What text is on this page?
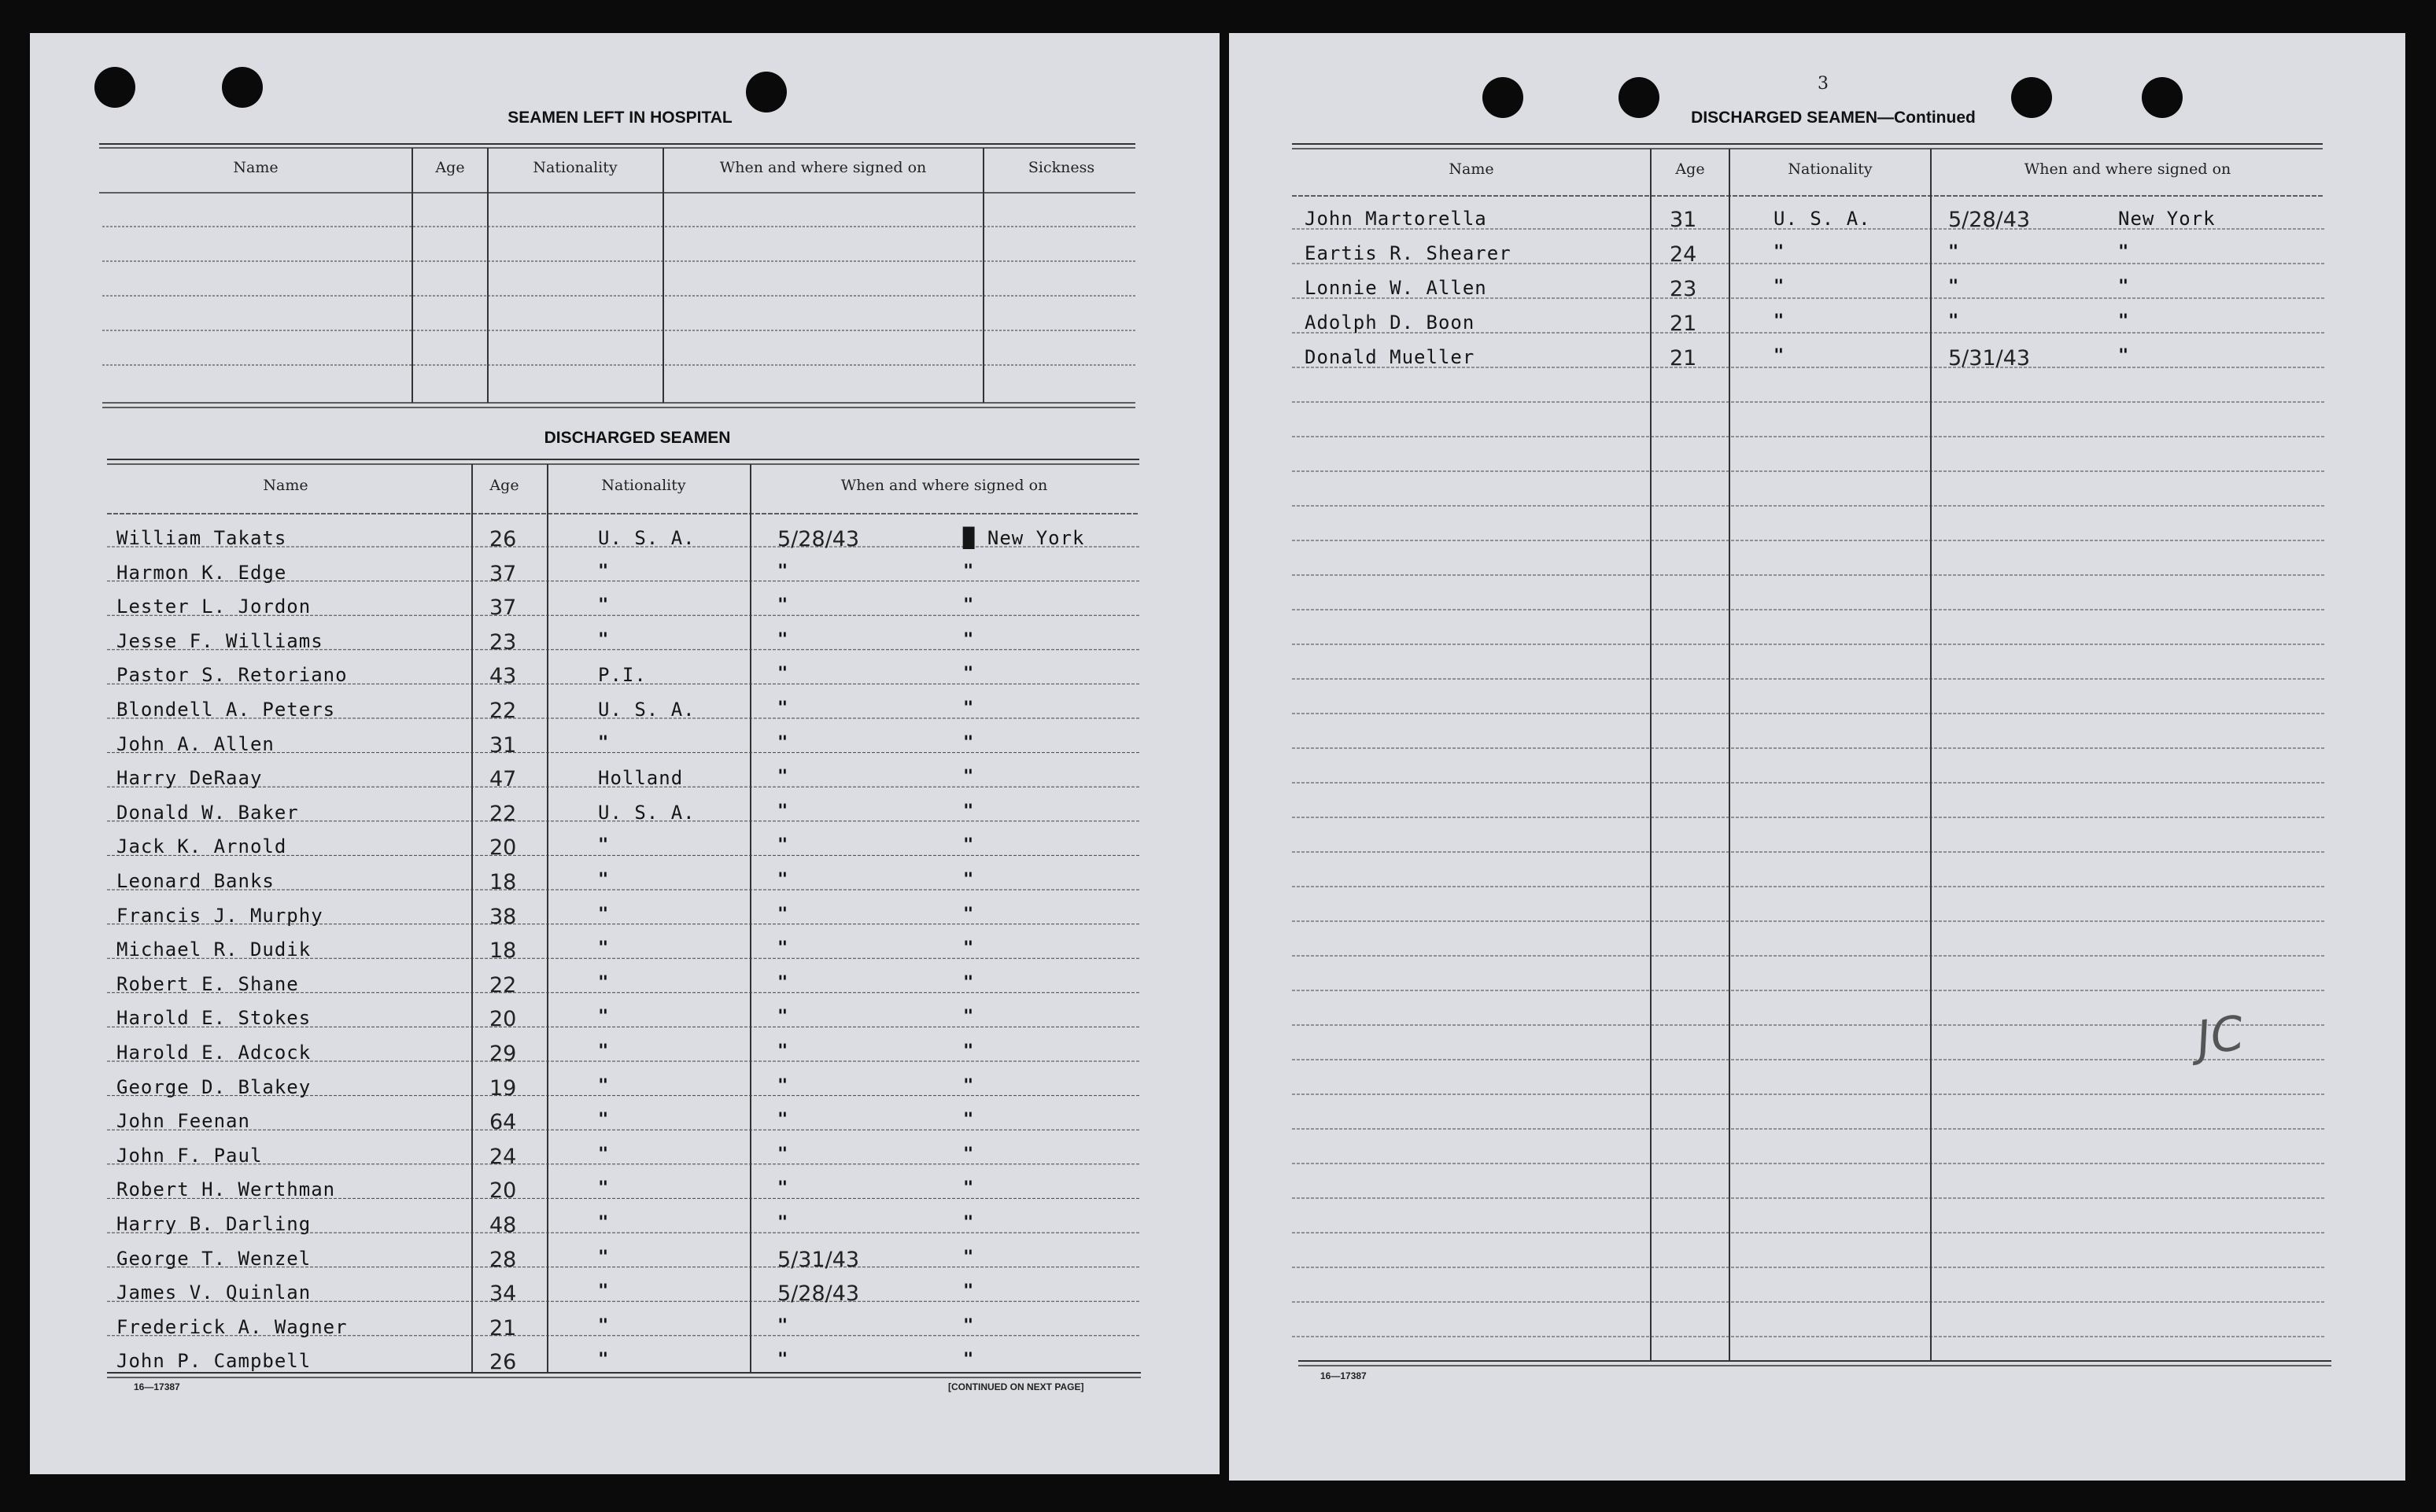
SEAMEN LEFT IN HOSPITAL
Name	Age	Nationality	When and where signed on	Sickness
DISCHARGED SEAMEN
Name	Age	Nationality	When and where signed on
William Takats	26	U. S. A.	5/28/43	█ New York
Harmon K. Edge	37	"	"	"
Lester L. Jordon	37	"	"	"
Jesse F. Williams	23	"	"	"
Pastor S. Retoriano	43	P.I.	"	"
Blondell A. Peters	22	U. S. A.	"	"
John A. Allen	31	"	"	"
Harry DeRaay	47	Holland	"	"
Donald W. Baker	22	U. S. A.	"	"
Jack K. Arnold	20	"	"	"
Leonard Banks	18	"	"	"
Francis J. Murphy	38	"	"	"
Michael R. Dudik	18	"	"	"
Robert E. Shane	22	"	"	"
Harold E. Stokes	20	"	"	"
Harold E. Adcock	29	"	"	"
George D. Blakey	19	"	"	"
John Feenan	64	"	"	"
John F. Paul	24	"	"	"
Robert H. Werthman	20	"	"	"
Harry B. Darling	48	"	"	"
George T. Wenzel	28	"	5/31/43	"
James V. Quinlan	34	"	5/28/43	"
Frederick A. Wagner	21	"	"	"
John P. Campbell	26	"	"	"
16—17387	[CONTINUED ON NEXT PAGE]
3
DISCHARGED SEAMEN—Continued
Name	Age	Nationality	When and where signed on
John Martorella	31	U. S. A.	5/28/43	New York
Eartis R. Shearer	24	"	"	"
Lonnie W. Allen	23	"	"	"
Adolph D. Boon	21	"	"	"
Donald Mueller	21	"	5/31/43	"
JC
16—17387
